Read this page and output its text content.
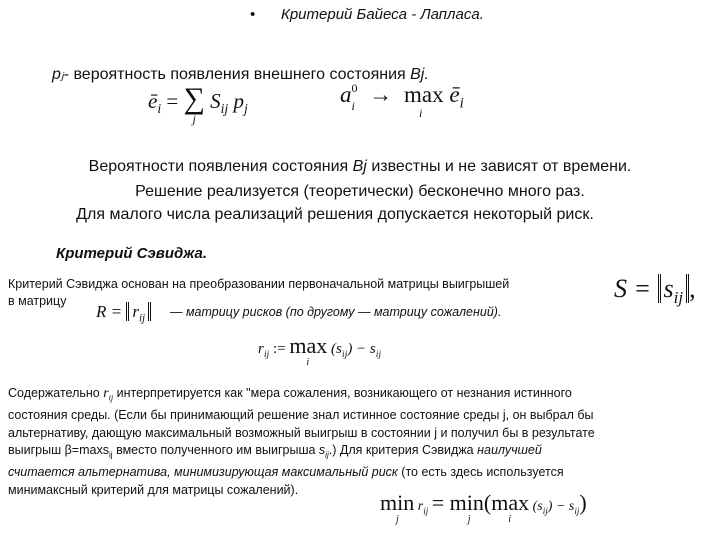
• Критерий Байеса - Лапласа.
pⱼ- вероятность появления внешнего состояния Bj.
$ē_i$ = ∑
j
$S_{ij}$ $p_j$
a 0
i → max
i
$ē_i$
Вероятности появления состояния Bj известны и не зависят от времени.
Решение реализуется (теоретически) бесконечно много раз.
Для малого числа реализаций решения допускается некоторый риск.
Критерий Сэвиджа.
Критерий Сэвиджа основан на преобразовании первоначальной матрицы выигрышей
в матрицу
$R = r_{ij}$	— матрицу рисков (по другому — матрицу сожалений).
$S = s_{ij}$ ,
$r_{ij}$ := max
i
$(s_{ij}) - s_{ij}$

Содержательно $r_{ij}$ интерпретируется как "мера сожаления, возникающего от незнания истинного

состояния среды. (Если бы принимающий решение знал истинное состояние среды j, он выбрал бы

альтернативу, дающую максимальный возможный выигрыш в состоянии j и получил бы в результате

выигрыш β=maxs$_{ij}$ вместо полученного им выигрыша $s_{ij}$.) Для критерия Сэвиджа наилучшей

считается альтернатива, минимизирующая максимальный риск (то есть здесь используется

минимаксный критерий для матрицы сожалений).

min
j
$r_{ij} = \min$
j
(max
i
$(s_{ij}) - s_{ij}$)
